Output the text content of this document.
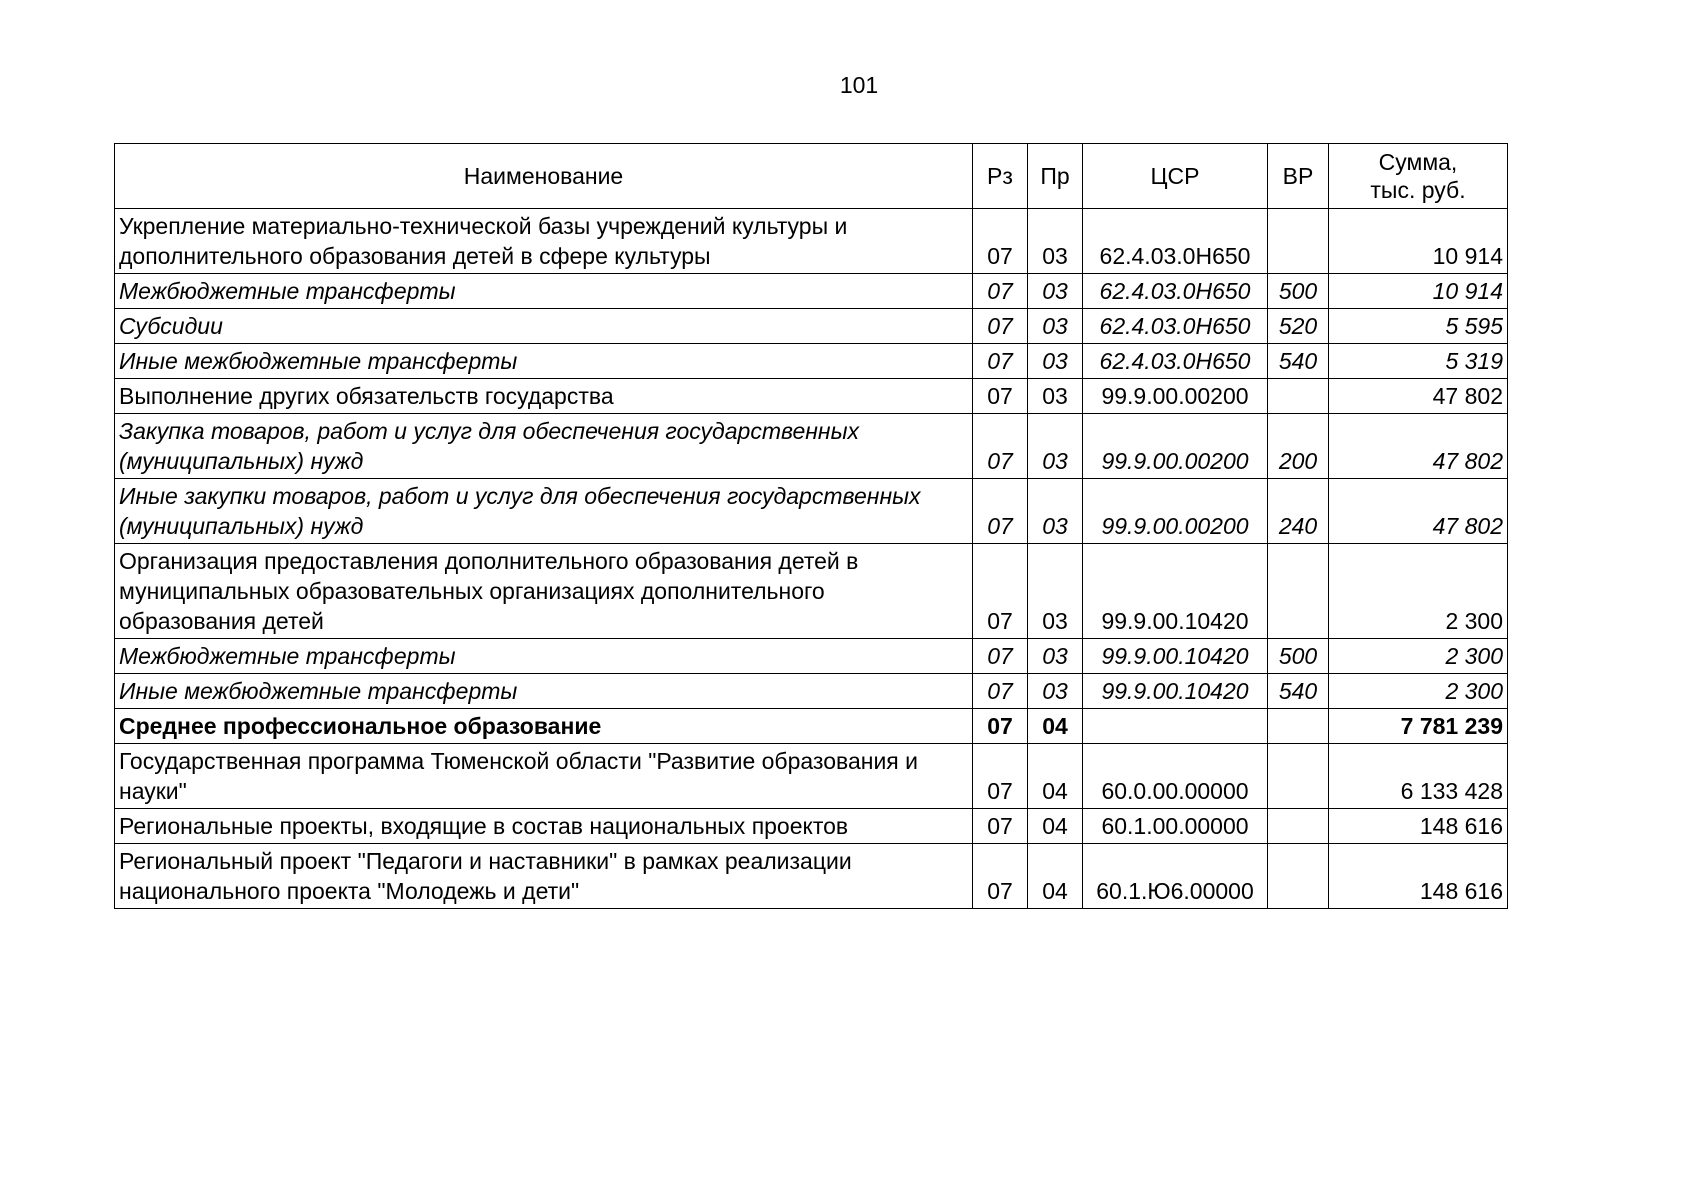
101
Наименование	Рз	Пр	ЦСР	ВР	Сумма,
тыс. руб.

Укрепление материально-технической базы учреждений культуры и дополнительного образования детей в сфере культуры	07	03	62.4.03.0Н650		10 914
Межбюджетные трансферты	07	03	62.4.03.0Н650	500	10 914
Субсидии	07	03	62.4.03.0Н650	520	5 595
Иные межбюджетные трансферты	07	03	62.4.03.0Н650	540	5 319
Выполнение других обязательств государства	07	03	99.9.00.00200		47 802
Закупка товаров, работ и услуг для обеспечения государственных (муниципальных) нужд	07	03	99.9.00.00200	200	47 802
Иные закупки товаров, работ и услуг для обеспечения государственных (муниципальных) нужд	07	03	99.9.00.00200	240	47 802
Организация предоставления дополнительного образования детей в муниципальных образовательных организациях дополнительного образования детей	07	03	99.9.00.10420		2 300
Межбюджетные трансферты	07	03	99.9.00.10420	500	2 300
Иные межбюджетные трансферты	07	03	99.9.00.10420	540	2 300
Среднее профессиональное образование	07	04			7 781 239
Государственная программа Тюменской области "Развитие образования и науки"	07	04	60.0.00.00000		6 133 428
Региональные проекты, входящие в состав национальных проектов	07	04	60.1.00.00000		148 616
Региональный проект "Педагоги и наставники" в рамках реализации национального проекта "Молодежь и дети"	07	04	60.1.Ю6.00000		148 616
